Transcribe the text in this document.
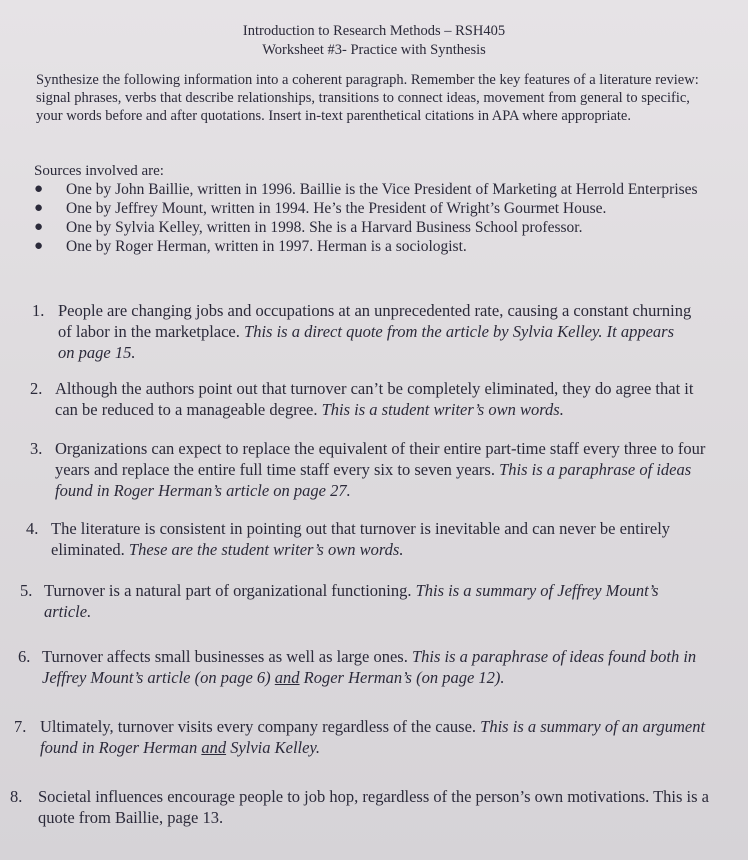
Introduction to Research Methods – RSH405
Worksheet #3- Practice with Synthesis
Synthesize the following information into a coherent paragraph. Remember the key features of a literature review: signal phrases, verbs that describe relationships, transitions to connect ideas, movement from general to specific, your words before and after quotations. Insert in-text parenthetical citations in APA where appropriate.
Sources involved are:
● One by John Baillie, written in 1996. Baillie is the Vice President of Marketing at Herrold Enterprises
● One by Jeffrey Mount, written in 1994. He’s the President of Wright’s Gourmet House.
● One by Sylvia Kelley, written in 1998. She is a Harvard Business School professor.
● One by Roger Herman, written in 1997. Herman is a sociologist.
1. People are changing jobs and occupations at an unprecedented rate, causing a constant churning of labor in the marketplace. This is a direct quote from the article by Sylvia Kelley. It appears on page 15.
2. Although the authors point out that turnover can’t be completely eliminated, they do agree that it can be reduced to a manageable degree. This is a student writer’s own words.
3. Organizations can expect to replace the equivalent of their entire part-time staff every three to four years and replace the entire full time staff every six to seven years. This is a paraphrase of ideas found in Roger Herman’s article on page 27.
4. The literature is consistent in pointing out that turnover is inevitable and can never be entirely eliminated. These are the student writer’s own words.
5. Turnover is a natural part of organizational functioning. This is a summary of Jeffrey Mount’s article.
6. Turnover affects small businesses as well as large ones. This is a paraphrase of ideas found both in Jeffrey Mount’s article (on page 6) and Roger Herman’s (on page 12).
7. Ultimately, turnover visits every company regardless of the cause. This is a summary of an argument found in Roger Herman and Sylvia Kelley.
8. Societal influences encourage people to job hop, regardless of the person’s own motivations. This is a quote from Baillie, page 13.
